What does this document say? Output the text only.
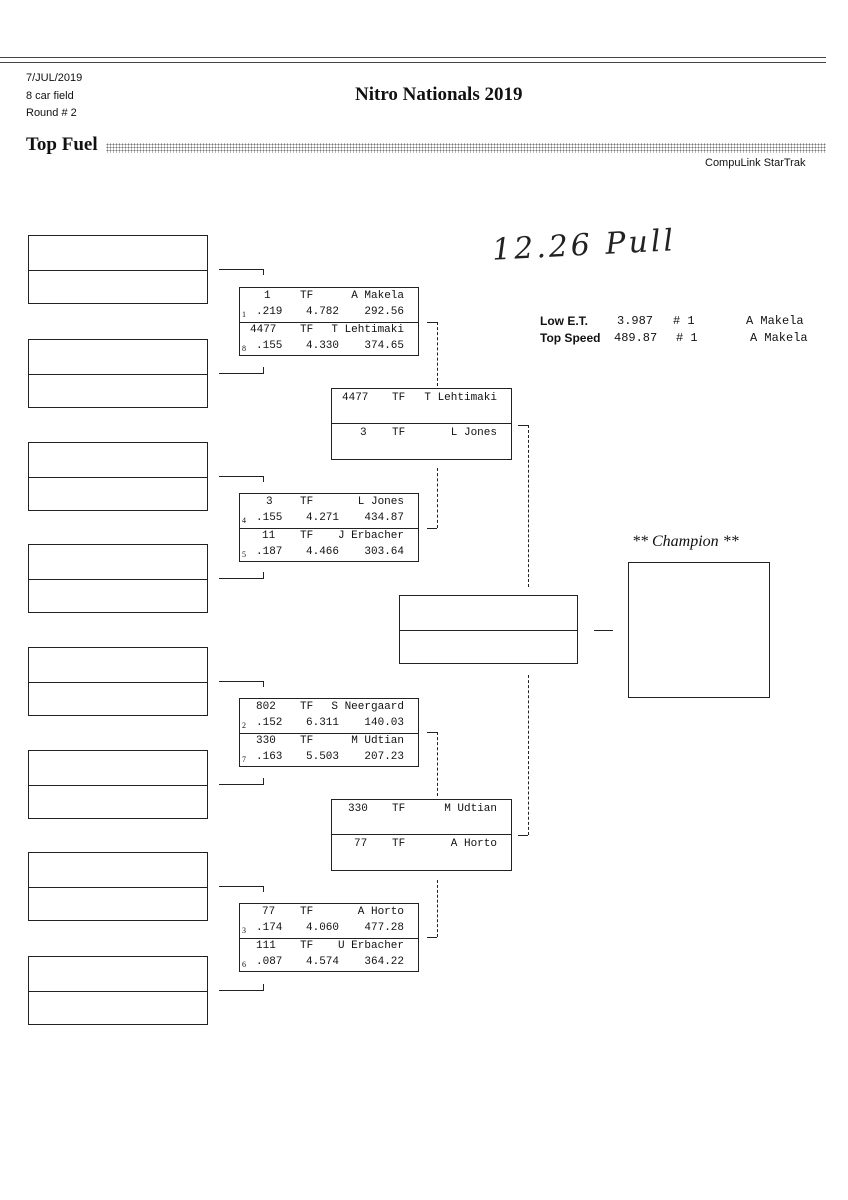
7/JUL/2019
8 car field
Round # 2
Nitro Nationals 2019
Top Fuel
CompuLink StarTrak
12.26 Pull
Low E.T. 3.987 # 1	A Makela
Top Speed 489.87 # 1	A Makela
1	TF	A Makela
1 .219 4.782 292.56
4477 TF T Lehtimaki
8 .155 4.330 374.65
3 TF	L Jones
4 .155 4.271 434.87
11 TF J Erbacher
5 .187 4.466 303.64
802 TF S Neergaard
2 .152 6.311 140.03
330 TF	M Udtian
7 .163 5.503 207.23
77 TF	A Horto
3 .174 4.060 477.28
111 TF U Erbacher
6 .087 4.574 364.22
4477 TF T Lehtimaki
3 TF	L Jones
330 TF	M Udtian
77 TF	A Horto
** Champion **
